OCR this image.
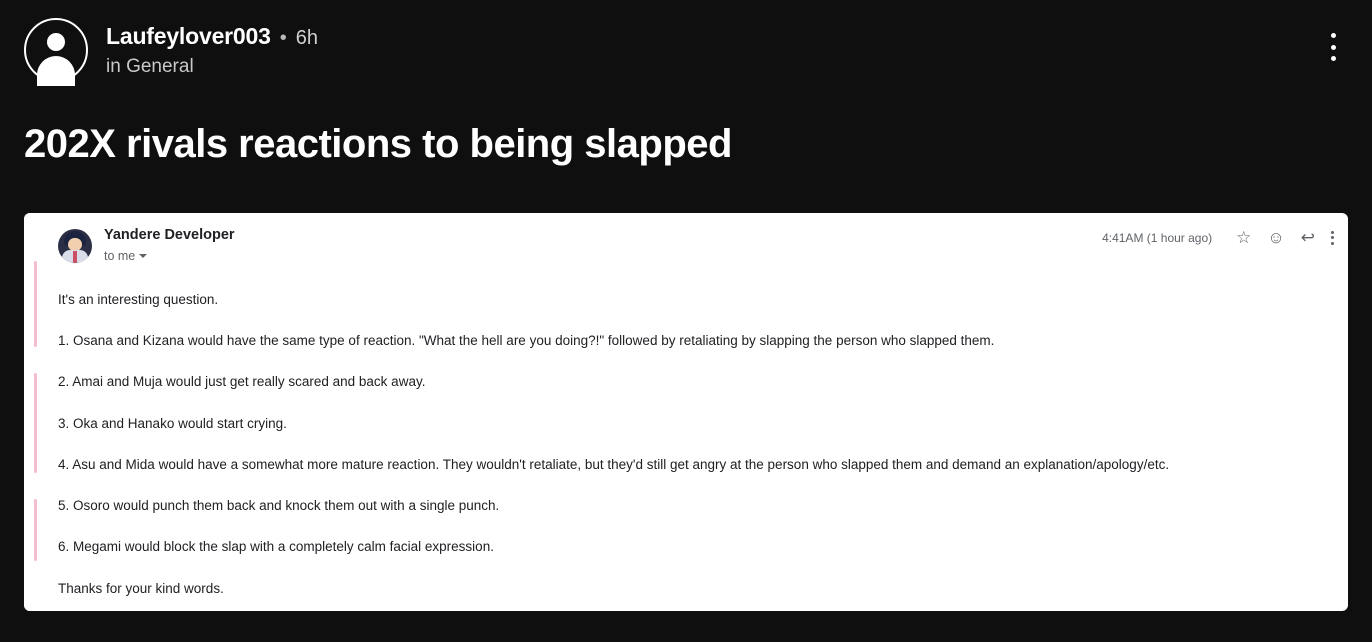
Laufeylover003 • 6h
in General
202X rivals reactions to being slapped
Yandere Developer
to me
4:41AM (1 hour ago) ☆ ☺ ↩

It's an interesting question.

1. Osana and Kizana would have the same type of reaction. "What the hell are you doing?!" followed by retaliating by slapping the person who slapped them.

2. Amai and Muja would just get really scared and back away.

3. Oka and Hanako would start crying.

4. Asu and Mida would have a somewhat more mature reaction. They wouldn't retaliate, but they'd still get angry at the person who slapped them and demand an explanation/apology/etc.

5. Osoro would punch them back and knock them out with a single punch.

6. Megami would block the slap with a completely calm facial expression.

Thanks for your kind words.
